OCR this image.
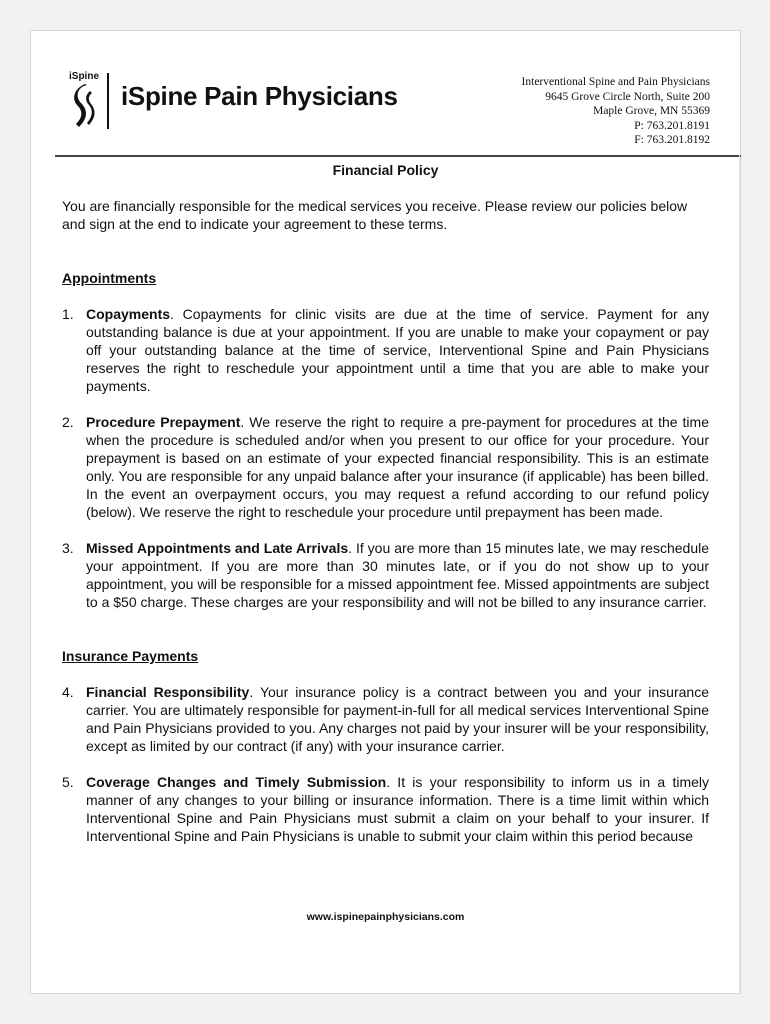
iSpine
iSpine Pain Physicians	Interventional Spine and Pain Physicians
9645 Grove Circle North, Suite 200
Maple Grove, MN 55369
P: 763.201.8191
F: 763.201.8192
Financial Policy

You are financially responsible for the medical services you receive. Please review our policies below and sign at the end to indicate your agreement to these terms.

Appointments

1. Copayments. Copayments for clinic visits are due at the time of service. Payment for any outstanding balance is due at your appointment. If you are unable to make your copayment or pay off your outstanding balance at the time of service, Interventional Spine and Pain Physicians reserves the right to reschedule your appointment until a time that you are able to make your payments.

2. Procedure Prepayment. We reserve the right to require a pre-payment for procedures at the time when the procedure is scheduled and/or when you present to our office for your procedure. Your prepayment is based on an estimate of your expected financial responsibility. This is an estimate only. You are responsible for any unpaid balance after your insurance (if applicable) has been billed. In the event an overpayment occurs, you may request a refund according to our refund policy (below). We reserve the right to reschedule your procedure until prepayment has been made.

3. Missed Appointments and Late Arrivals. If you are more than 15 minutes late, we may reschedule your appointment. If you are more than 30 minutes late, or if you do not show up to your appointment, you will be responsible for a missed appointment fee. Missed appointments are subject to a $50 charge. These charges are your responsibility and will not be billed to any insurance carrier.

Insurance Payments

4. Financial Responsibility. Your insurance policy is a contract between you and your insurance carrier. You are ultimately responsible for payment-in-full for all medical services Interventional Spine and Pain Physicians provided to you. Any charges not paid by your insurer will be your responsibility, except as limited by our contract (if any) with your insurance carrier.

5. Coverage Changes and Timely Submission. It is your responsibility to inform us in a timely manner of any changes to your billing or insurance information. There is a time limit within which Interventional Spine and Pain Physicians must submit a claim on your behalf to your insurer. If Interventional Spine and Pain Physicians is unable to submit your claim within this period because

www.ispinepainphysicians.com
